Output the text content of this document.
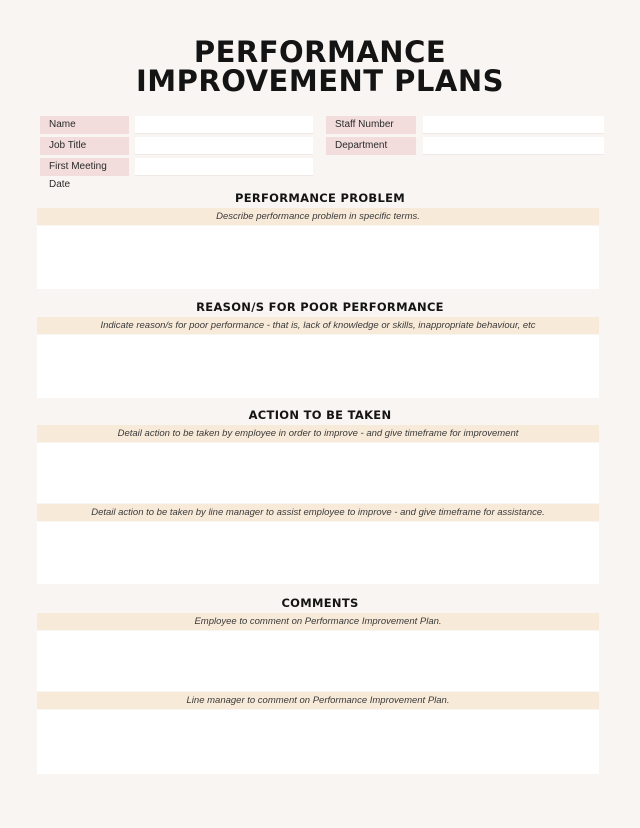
PERFORMANCE
IMPROVEMENT PLANS
Name	Staff Number
Job Title	Department
First Meeting Date
PERFORMANCE PROBLEM
Describe performance problem in specific terms.
REASON/S FOR POOR PERFORMANCE
Indicate reason/s for poor performance - that is, lack of knowledge or skills, inappropriate behaviour, etc
ACTION TO BE TAKEN
Detail action to be taken by employee in order to improve - and give timeframe for improvement
Detail action to be taken by line manager to assist employee to improve - and give timeframe for assistance.
COMMENTS
Employee to comment on Performance Improvement Plan.
Line manager to comment on Performance Improvement Plan.
